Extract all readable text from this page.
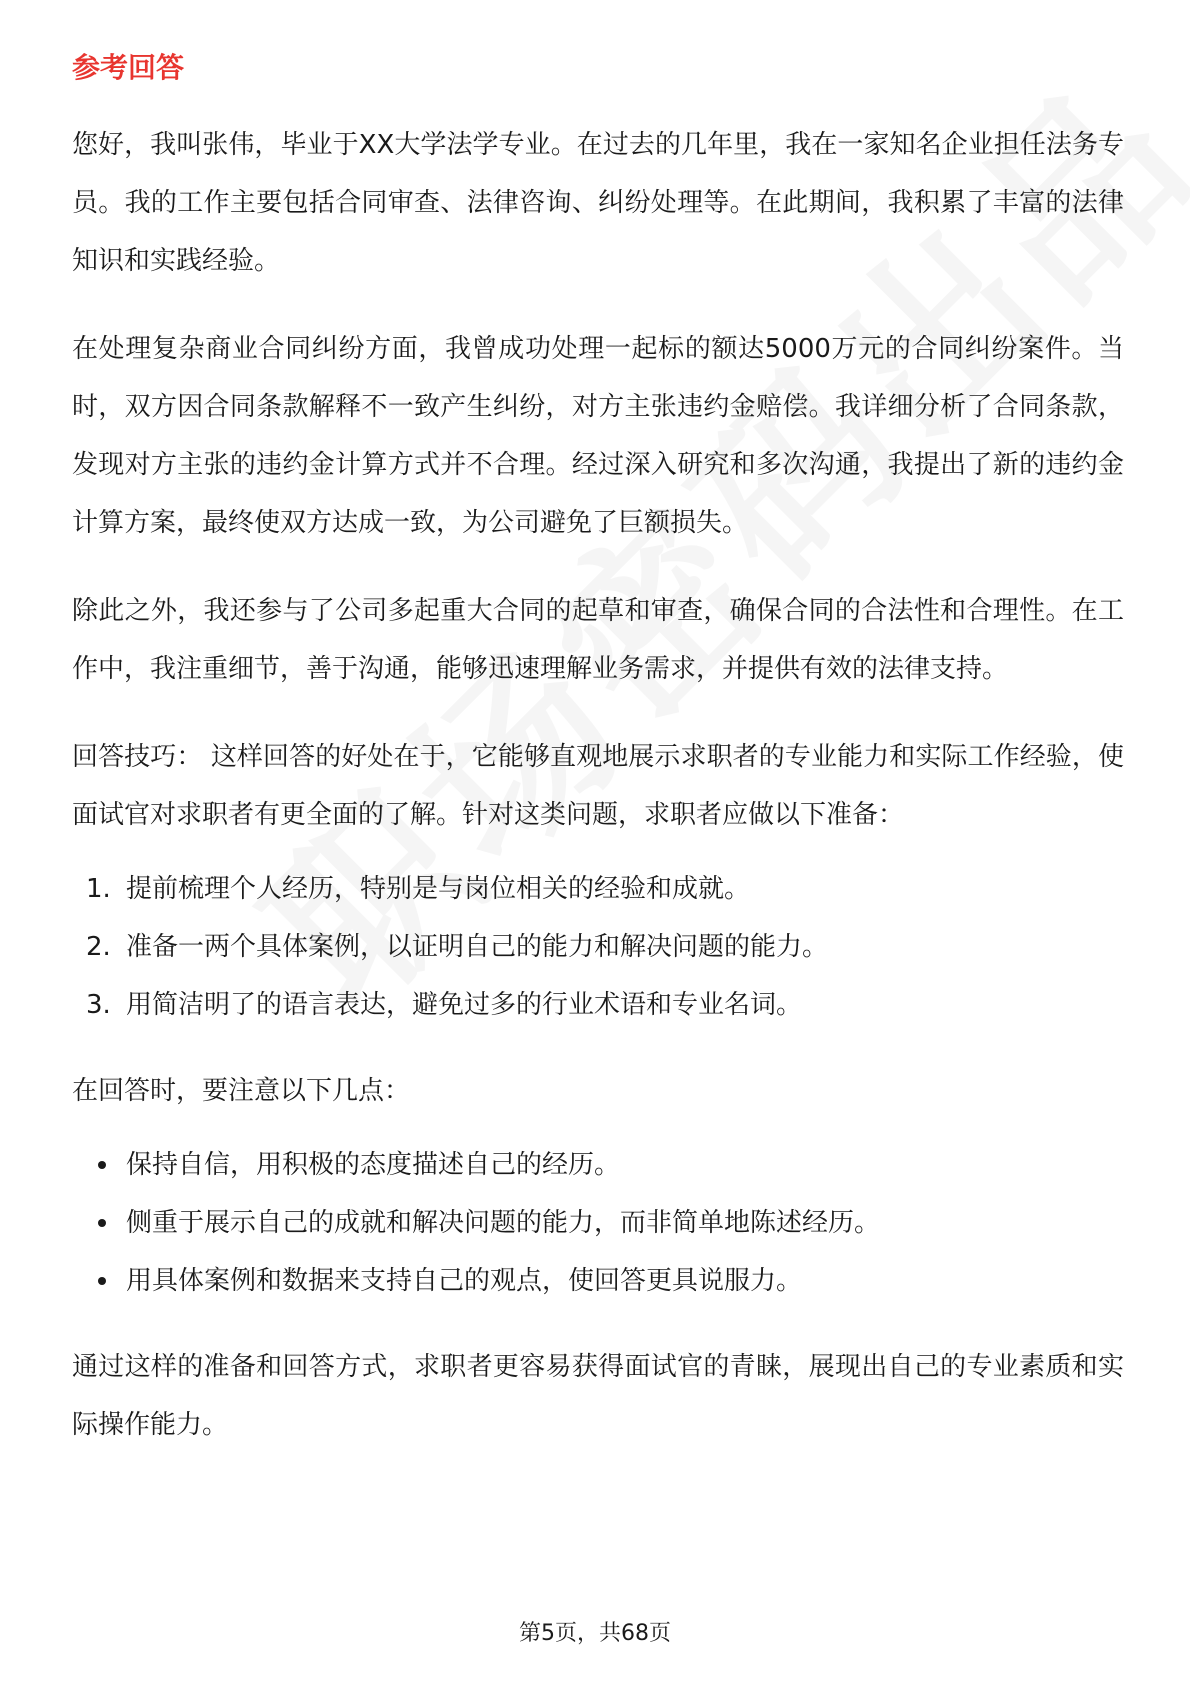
参考回答

您好，我叫张伟，毕业于XX大学法学专业。在过去的几年里，我在一家知名企业担任法务专员。我的工作主要包括合同审查、法律咨询、纠纷处理等。在此期间，我积累了丰富的法律知识和实践经验。

在处理复杂商业合同纠纷方面，我曾成功处理一起标的额达5000万元的合同纠纷案件。当时，双方因合同条款解释不一致产生纠纷，对方主张违约金赔偿。我详细分析了合同条款，发现对方主张的违约金计算方式并不合理。经过深入研究和多次沟通，我提出了新的违约金计算方案，最终使双方达成一致，为公司避免了巨额损失。

除此之外，我还参与了公司多起重大合同的起草和审查，确保合同的合法性和合理性。在工作中，我注重细节，善于沟通，能够迅速理解业务需求，并提供有效的法律支持。

回答技巧： 这样回答的好处在于，它能够直观地展示求职者的专业能力和实际工作经验，使面试官对求职者有更全面的了解。针对这类问题，求职者应做以下准备：

1. 提前梳理个人经历，特别是与岗位相关的经验和成就。
2. 准备一两个具体案例，以证明自己的能力和解决问题的能力。
3. 用简洁明了的语言表达，避免过多的行业术语和专业名词。

在回答时，要注意以下几点：

保持自信，用积极的态度描述自己的经历。
侧重于展示自己的成就和解决问题的能力，而非简单地陈述经历。
用具体案例和数据来支持自己的观点，使回答更具说服力。

通过这样的准备和回答方式，求职者更容易获得面试官的青睐，展现出自己的专业素质和实际操作能力。

第5页，共68页
